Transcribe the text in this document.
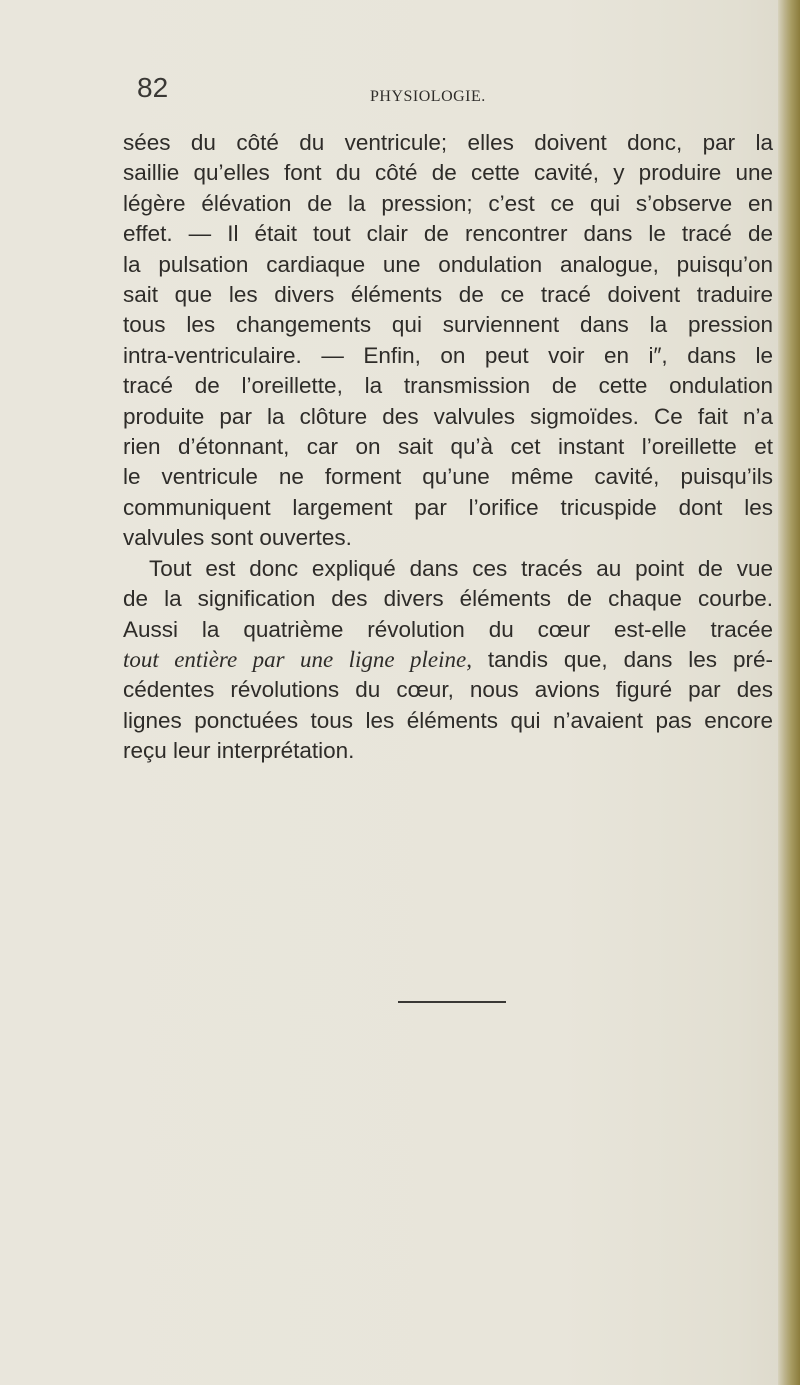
82	PHYSIOLOGIE.
sées du côté du ventricule; elles doivent donc, par la
saillie qu’elles font du côté de cette cavité, y produire une
légère élévation de la pression; c’est ce qui s’observe en
effet. — Il était tout clair de rencontrer dans le tracé de
la pulsation cardiaque une ondulation analogue, puisqu’on
sait que les divers éléments de ce tracé doivent traduire
tous les changements qui surviennent dans la pression
intra-ventriculaire. — Enfin, on peut voir en i″, dans le
tracé de l’oreillette, la transmission de cette ondulation
produite par la clôture des valvules sigmoïdes. Ce fait n’a
rien d’étonnant, car on sait qu’à cet instant l’oreillette et
le ventricule ne forment qu’une même cavité, puisqu’ils
communiquent largement par l’orifice tricuspide dont les
valvules sont ouvertes.
Tout est donc expliqué dans ces tracés au point de vue
de la signification des divers éléments de chaque courbe.
Aussi la quatrième révolution du cœur est-elle tracée
tout entière par une ligne pleine, tandis que, dans les pré-
cédentes révolutions du cœur, nous avions figuré par des
lignes ponctuées tous les éléments qui n’avaient pas encore
reçu leur interprétation.
